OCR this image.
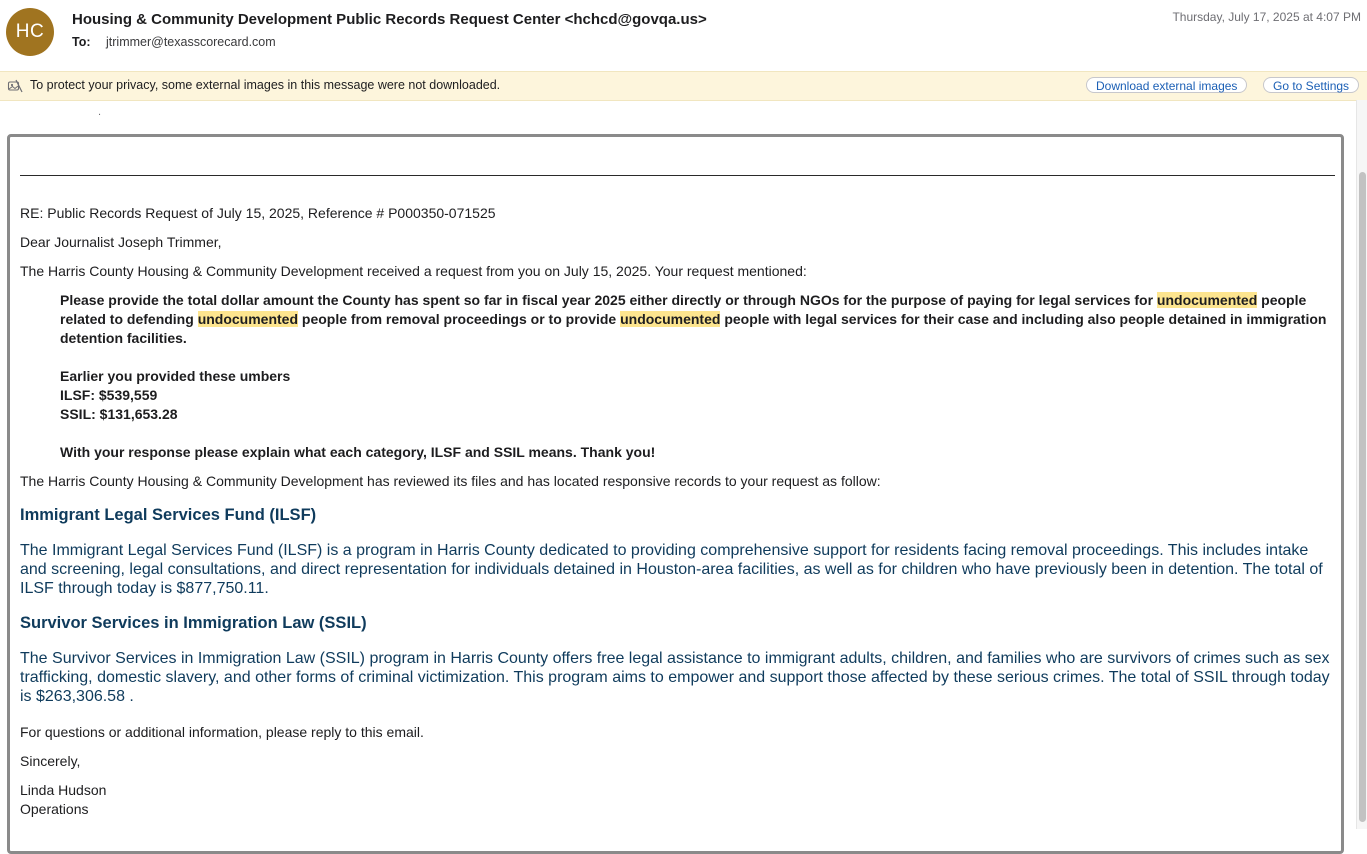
HC
Housing & Community Development Public Records Request Center <hchcd@govqa.us>
To: jtrimmer@texasscorecard.com
Thursday, July 17, 2025 at 4:07 PM
To protect your privacy, some external images in this message were not downloaded.	Download external images	Go to Settings
.
RE: Public Records Request of July 15, 2025, Reference # P000350-071525
Dear Journalist Joseph Trimmer,
The Harris County Housing & Community Development received a request from you on July 15, 2025. Your request mentioned:
Please provide the total dollar amount the County has spent so far in fiscal year 2025 either directly or through NGOs for the purpose of paying for legal services for undocumented people related to defending undocumented people from removal proceedings or to provide undocumented people with legal services for their case and including also people detained in immigration detention facilities.
Earlier you provided these umbers
ILSF: $539,559
SSIL: $131,653.28
With your response please explain what each category, ILSF and SSIL means. Thank you!
The Harris County Housing & Community Development has reviewed its files and has located responsive records to your request as follow:
Immigrant Legal Services Fund (ILSF)
The Immigrant Legal Services Fund (ILSF) is a program in Harris County dedicated to providing comprehensive support for residents facing removal proceedings. This includes intake and screening, legal consultations, and direct representation for individuals detained in Houston-area facilities, as well as for children who have previously been in detention. The total of ILSF through today is $877,750.11.
Survivor Services in Immigration Law (SSIL)
The Survivor Services in Immigration Law (SSIL) program in Harris County offers free legal assistance to immigrant adults, children, and families who are survivors of crimes such as sex trafficking, domestic slavery, and other forms of criminal victimization. This program aims to empower and support those affected by these serious crimes. The total of SSIL through today is $263,306.58 .
For questions or additional information, please reply to this email.
Sincerely,
Linda Hudson
Operations
